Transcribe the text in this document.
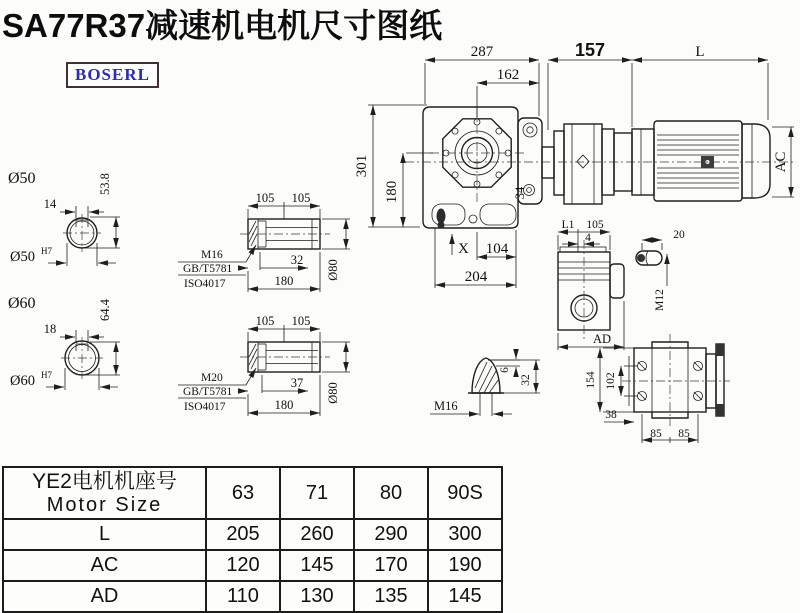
SA77R37减速机电机尺寸图纸
BOSERL
34
287
162
157	L
AC
301
180
X 104
204
Ø50
14
53.8
Ø50 H7
Ø60
18
64.4
Ø60 H7
105 105
32
180
Ø80
M16
GB/T5781
ISO4017
105 105
37
180
Ø80
M20
GB/T5781
ISO4017
L1 105
4
AD
20
M12
154 102
38
85 85
M16
6
32
YE2电机机座号
Motor Size	63	71	80	90S
L	205	260	290	300
AC	120	145	170	190
AD	110	130	135	145
